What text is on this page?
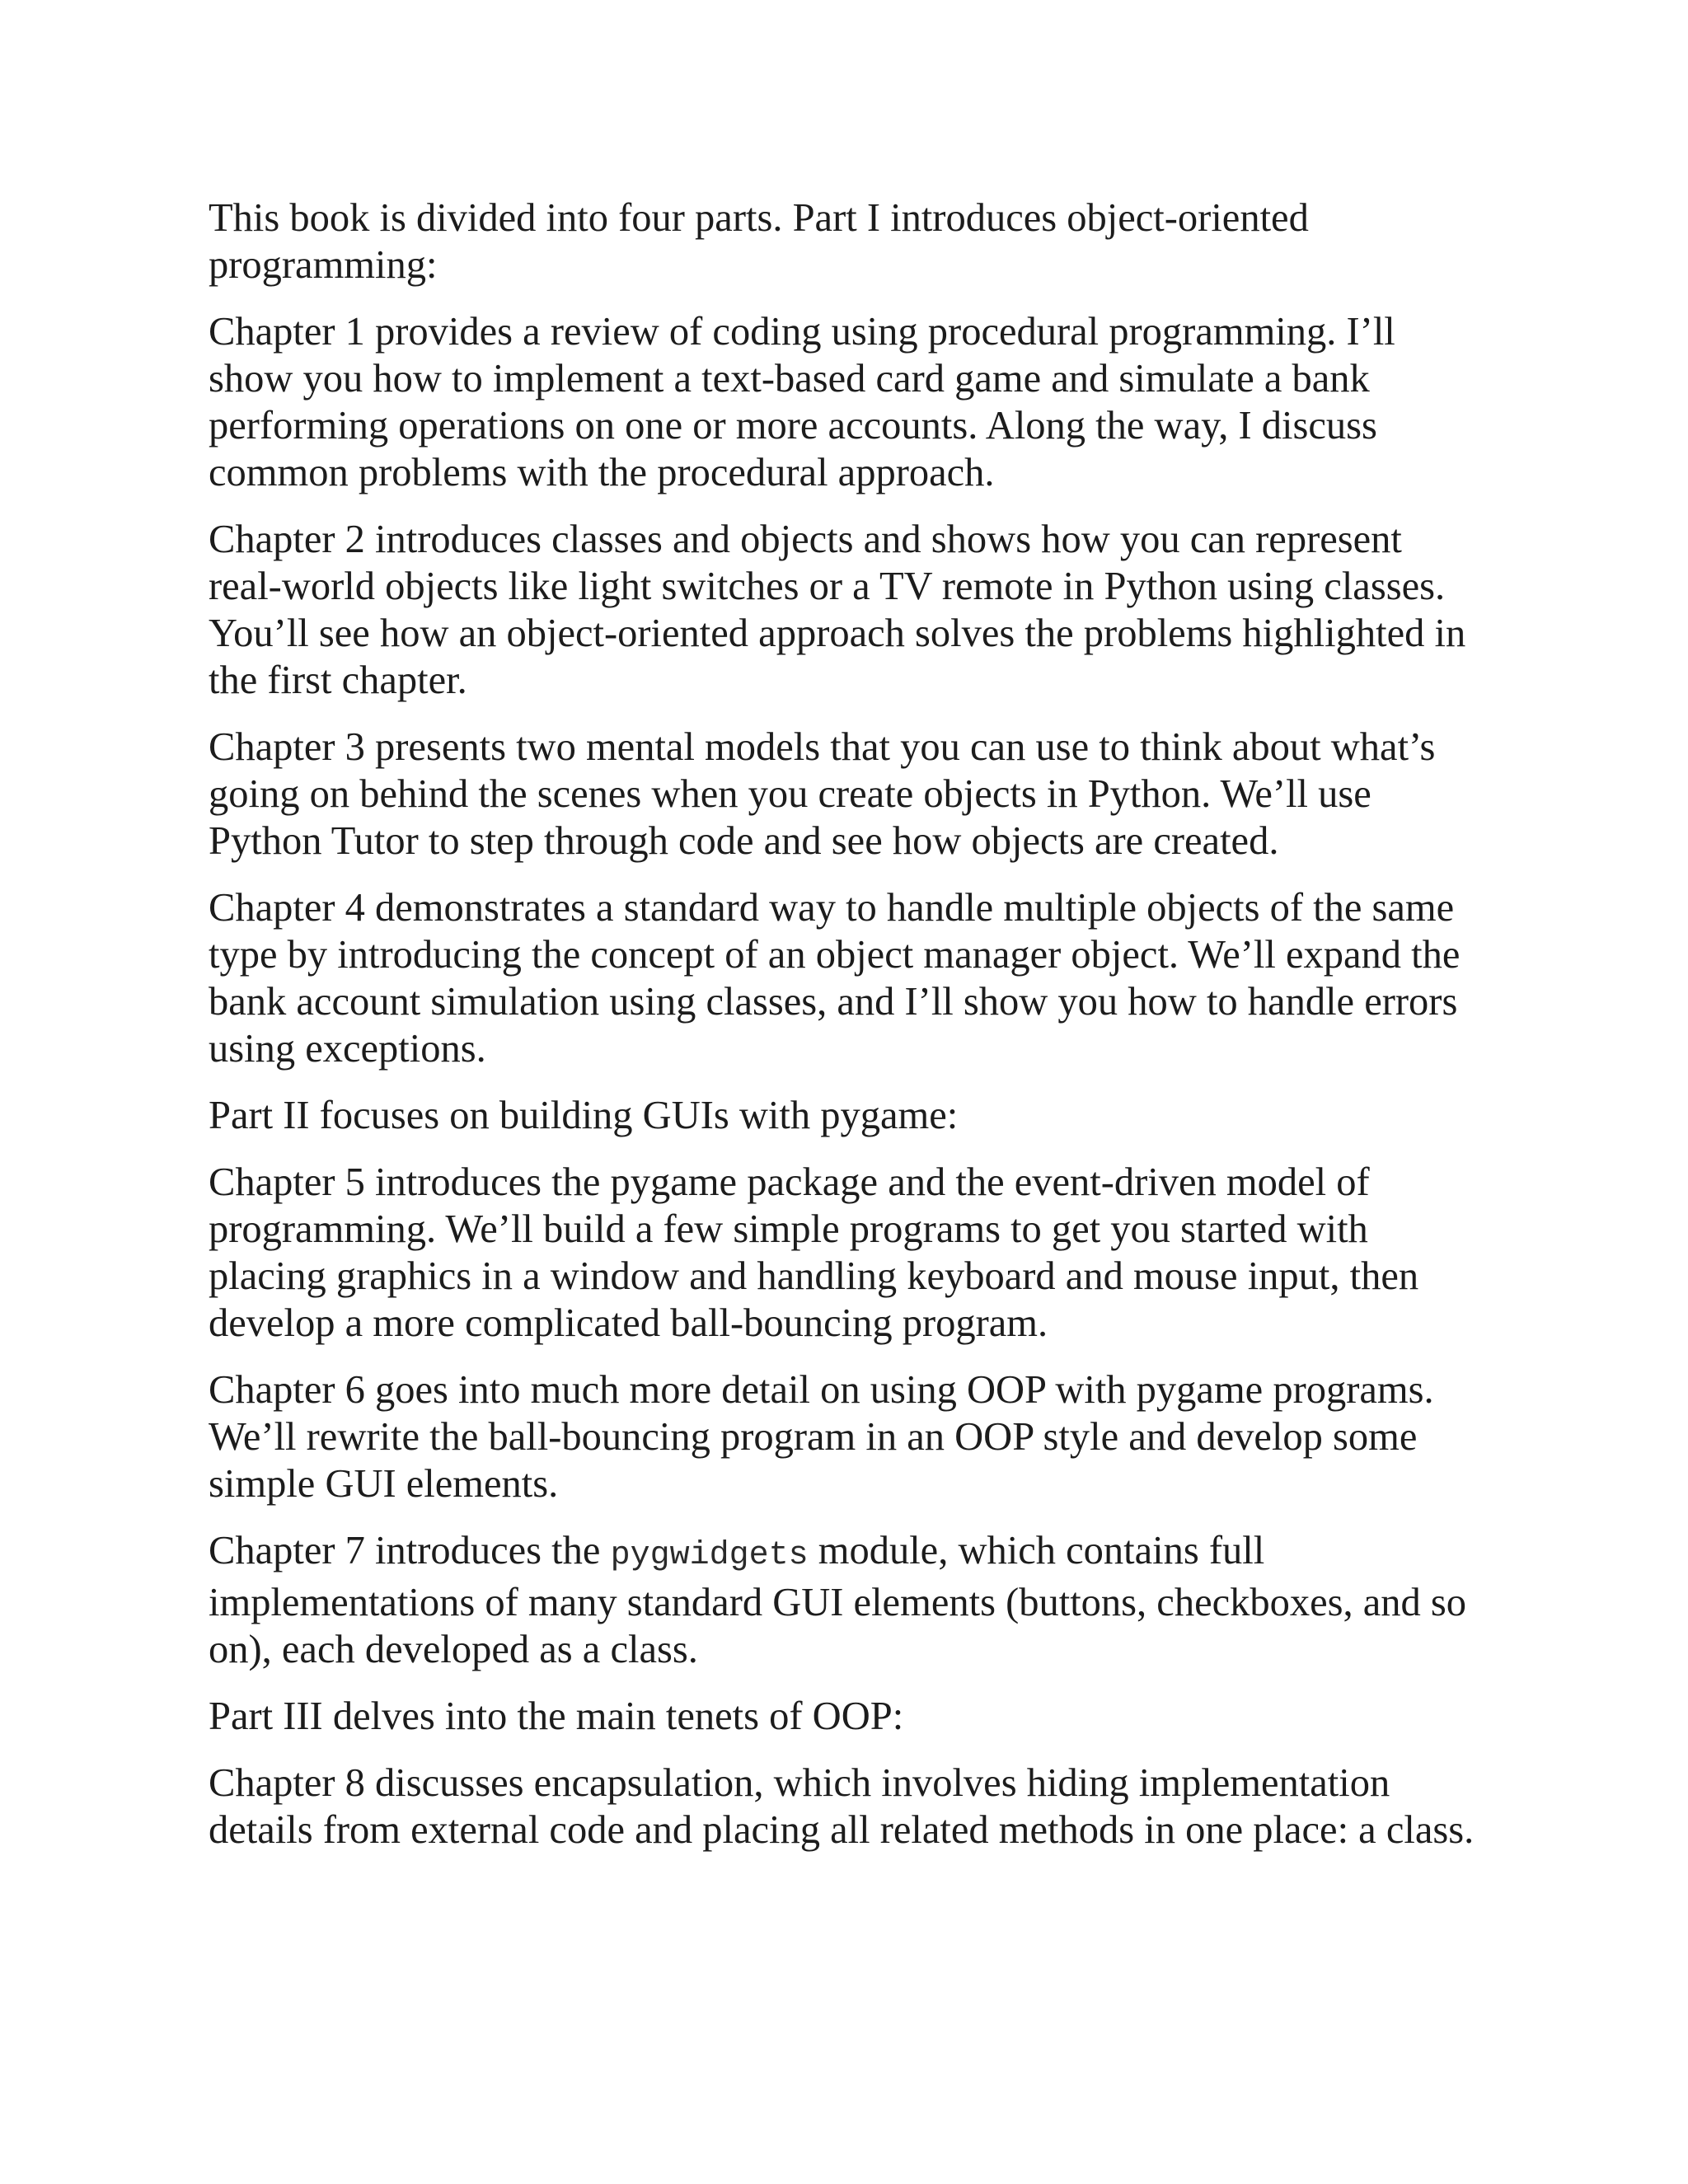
This book is divided into four parts. Part I introduces object-oriented programming:

Chapter 1 provides a review of coding using procedural programming. I’ll show you how to implement a text-based card game and simulate a bank performing operations on one or more accounts. Along the way, I discuss common problems with the procedural approach.

Chapter 2 introduces classes and objects and shows how you can represent real-world objects like light switches or a TV remote in Python using classes. You’ll see how an object-oriented approach solves the problems highlighted in the first chapter.

Chapter 3 presents two mental models that you can use to think about what’s going on behind the scenes when you create objects in Python. We’ll use Python Tutor to step through code and see how objects are created.

Chapter 4 demonstrates a standard way to handle multiple objects of the same type by introducing the concept of an object manager object. We’ll expand the bank account simulation using classes, and I’ll show you how to handle errors using exceptions.

Part II focuses on building GUIs with pygame:

Chapter 5 introduces the pygame package and the event-driven model of programming. We’ll build a few simple programs to get you started with placing graphics in a window and handling keyboard and mouse input, then develop a more complicated ball-bouncing program.

Chapter 6 goes into much more detail on using OOP with pygame programs. We’ll rewrite the ball-bouncing program in an OOP style and develop some simple GUI elements.

Chapter 7 introduces the pygwidgets module, which contains full implementations of many standard GUI elements (buttons, checkboxes, and so on), each developed as a class.

Part III delves into the main tenets of OOP:

Chapter 8 discusses encapsulation, which involves hiding implementation details from external code and placing all related methods in one place: a class.
